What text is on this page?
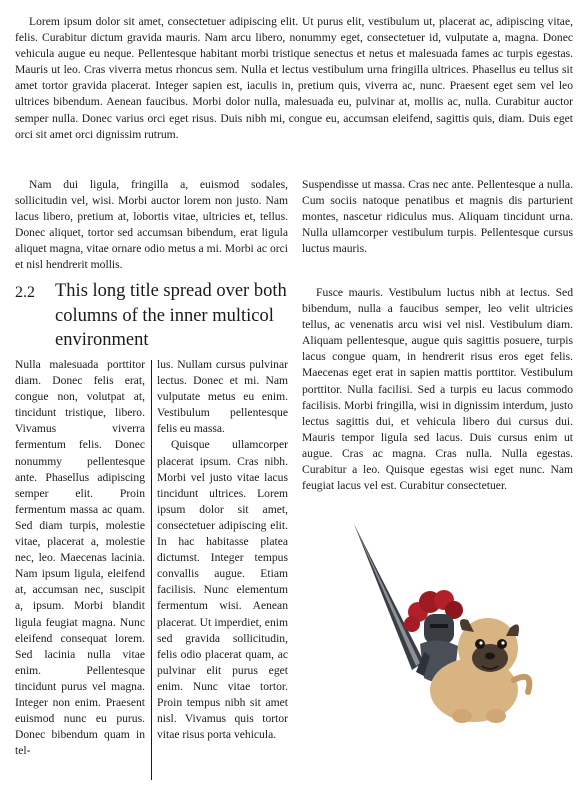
Lorem ipsum dolor sit amet, consectetuer adipiscing elit. Ut purus elit, vestibulum ut, placerat ac, adipiscing vitae, felis. Curabitur dictum gravida mauris. Nam arcu libero, nonummy eget, consectetuer id, vulputate a, magna. Donec vehicula augue eu neque. Pellentesque habitant morbi tristique senectus et netus et malesuada fames ac turpis egestas. Mauris ut leo. Cras viverra metus rhoncus sem. Nulla et lectus vestibulum urna fringilla ultrices. Phasellus eu tellus sit amet tortor gravida placerat. Integer sapien est, iaculis in, pretium quis, viverra ac, nunc. Praesent eget sem vel leo ultrices bibendum. Aenean faucibus. Morbi dolor nulla, malesuada eu, pulvinar at, mollis ac, nulla. Curabitur auctor semper nulla. Donec varius orci eget risus. Duis nibh mi, congue eu, accumsan eleifend, sagittis quis, diam. Duis eget orci sit amet orci dignissim rutrum.

Nam dui ligula, fringilla a, euismod sodales, sollicitudin vel, wisi. Morbi auctor lorem non justo. Nam lacus libero, pretium at, lobortis vitae, ultricies et, tellus. Donec aliquet, tortor sed accumsan bibendum, erat ligula aliquet magna, vitae ornare odio metus a mi. Morbi ac orci et nisl hendrerit mollis.

Suspendisse ut massa. Cras nec ante. Pellentesque a nulla. Cum sociis natoque penatibus et magnis dis parturient montes, nascetur ridiculus mus. Aliquam tincidunt urna. Nulla ullamcorper vestibulum turpis. Pellentesque cursus luctus mauris.

2.2 This long title spread over both columns of the inner multicol environment

Nulla malesuada porttitor diam. Donec felis erat, congue non, volutpat at, tincidunt tristique, libero. Vivamus viverra fermentum felis. Donec nonummy pellentesque ante. Phasellus adipiscing semper elit. Proin fermentum massa ac quam. Sed diam turpis, molestie vitae, placerat a, molestie nec, leo. Maecenas lacinia. Nam ipsum ligula, eleifend at, accumsan nec, suscipit a, ipsum. Morbi blandit ligula feugiat magna. Nunc eleifend consequat lorem. Sed lacinia nulla vitae enim. Pellentesque tincidunt purus vel magna. Integer non enim. Praesent euismod nunc eu purus. Donec bibendum quam in tel-

lus. Nullam cursus pulvinar lectus. Donec et mi. Nam vulputate metus eu enim. Vestibulum pellentesque felis eu massa.

Quisque ullamcorper placerat ipsum. Cras nibh. Morbi vel justo vitae lacus tincidunt ultrices. Lorem ipsum dolor sit amet, consectetuer adipiscing elit. In hac habitasse platea dictumst. Integer tempus convallis augue. Etiam facilisis. Nunc elementum fermentum wisi. Aenean placerat. Ut imperdiet, enim sed gravida sollicitudin, felis odio placerat quam, ac pulvinar elit purus eget enim. Nunc vitae tortor. Proin tempus nibh sit amet nisl. Vivamus quis tortor vitae risus porta vehicula.

Fusce mauris. Vestibulum luctus nibh at lectus. Sed bibendum, nulla a faucibus semper, leo velit ultricies tellus, ac venenatis arcu wisi vel nisl. Vestibulum diam. Aliquam pellentesque, augue quis sagittis posuere, turpis lacus congue quam, in hendrerit risus eros eget felis. Maecenas eget erat in sapien mattis porttitor. Vestibulum porttitor. Nulla facilisi. Sed a turpis eu lacus commodo facilisis. Morbi fringilla, wisi in dignissim interdum, justo lectus sagittis dui, et vehicula libero dui cursus dui. Mauris tempor ligula sed lacus. Duis cursus enim ut augue. Cras ac magna. Cras nulla. Nulla egestas. Curabitur a leo. Quisque egestas wisi eget nunc. Nam feugiat lacus vel est. Curabitur consectetuer.
